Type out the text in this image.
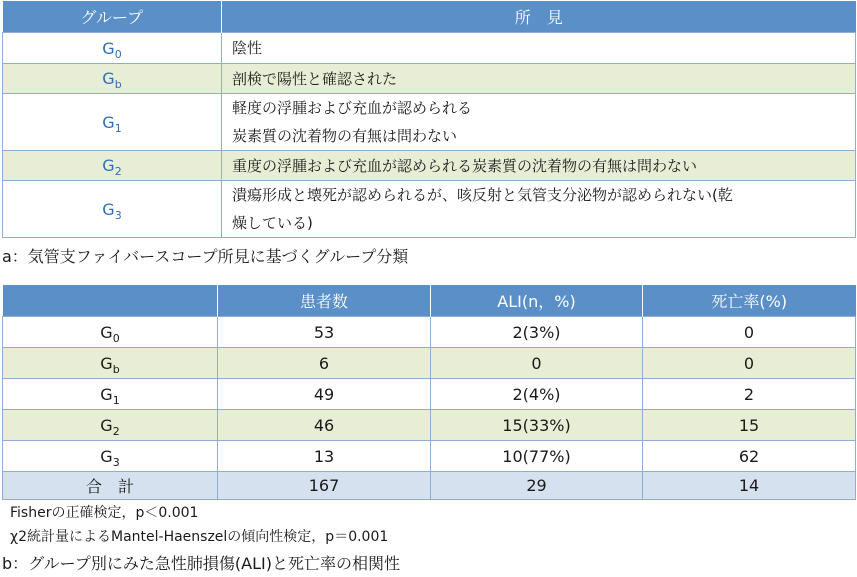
グループ	所　見
$G_0$	陰性

$G_b$	剖検で陽性と確認された

$G_1$	軽度の浮腫および充血が認められる
炭素質の沈着物の有無は問わない

$G_2$	重度の浮腫および充血が認められる炭素質の沈着物の有無は問わない

$G_3$	潰瘍形成と壊死が認められるが、咳反射と気管支分泌物が認められない(乾
燥している)
a：気管支ファイバースコープ所見に基づくグループ分類
	患者数	ALI(n，%)	死亡率(%)
$G_0$	53	2(3%)	0
$G_b$	6	0	0
$G_1$	49	2(4%)	2
$G_2$	46	15(33%)	15
$G_3$	13	10(77%)	62
合　計	167	29	14
Fisherの正確検定，p＜0.001
χ2統計量によるMantel-Haenszelの傾向性検定，p＝0.001
b：グループ別にみた急性肺損傷(ALI)と死亡率の相関性
